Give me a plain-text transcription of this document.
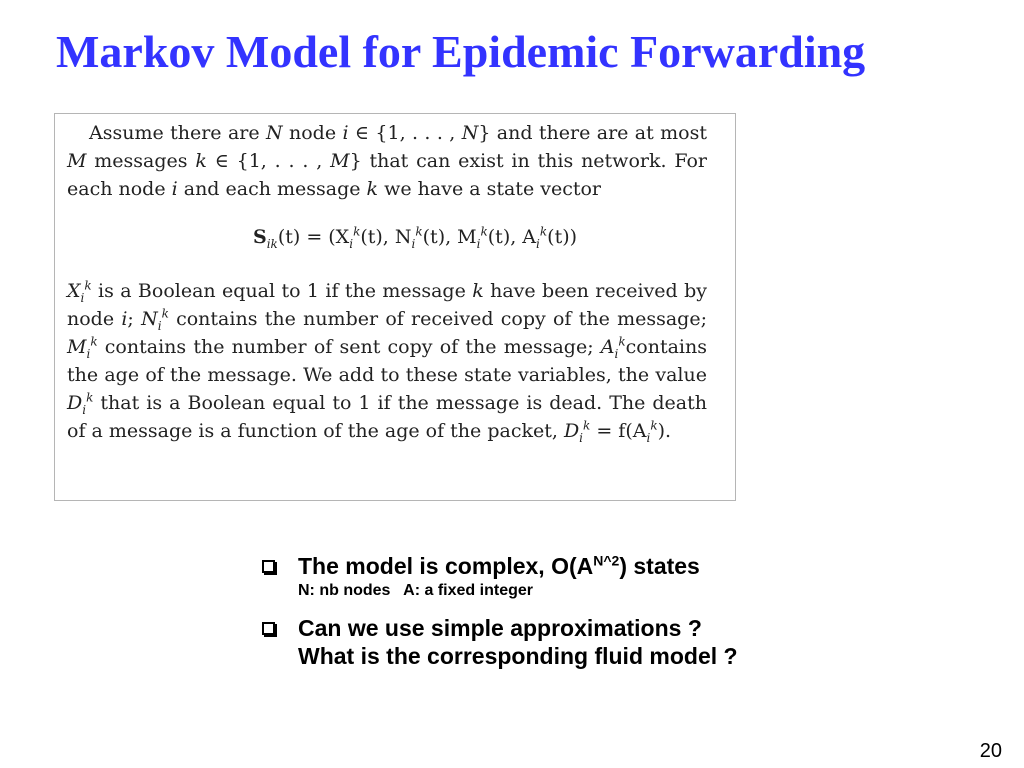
Markov Model for Epidemic Forwarding

Assume there are N node i ∈ {1, . . . , N} and there are at most M messages k ∈ {1, . . . , M} that can exist in this network. For each node i and each message k we have a state vector

$S_{ik}(t) = (X_i^k(t)$, $N_i^k(t)$, $M_i^k(t)$, $A_i^k(t)$)

$X_i^k$ is a Boolean equal to 1 if the message k have been received by node i; $N_i^k$ contains the number of received copy of the message; $M_i^k$ contains the number of sent copy of the message; $A_i^kcontains$ the age of the message. We add to these state variables, the value $D_i^k$ that is a Boolean equal to 1 if the message is dead. The death of a message is a function of the age of the packet, $D_i^k = f(A_i^k)$.

The model is complex, $O(A^{N\^{}2})$ states
N: nb nodes   A: a fixed integer
Can we use simple approximations ?
What is the corresponding fluid model ?
20
